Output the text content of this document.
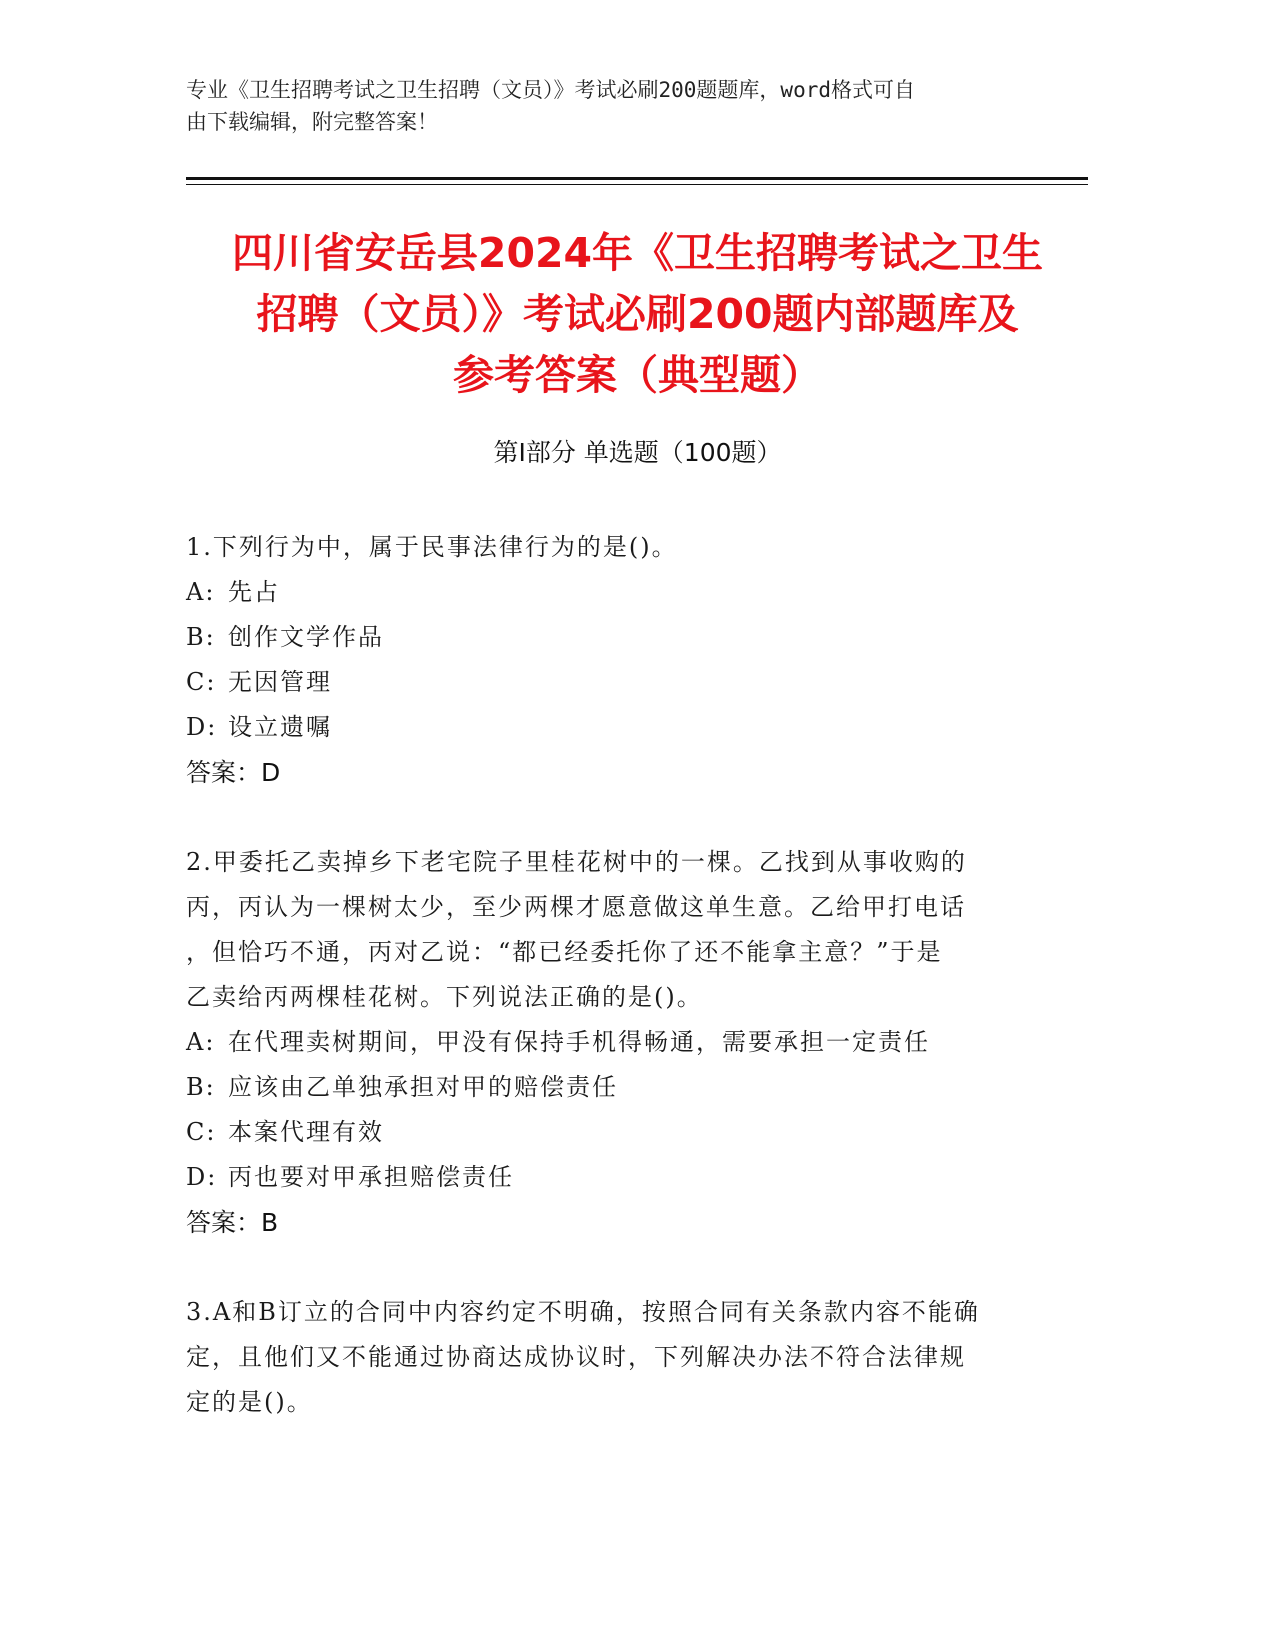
专业《卫生招聘考试之卫生招聘（文员）》考试必刷200题题库，word格式可自
由下载编辑，附完整答案！
四川省安岳县2024年《卫生招聘考试之卫生
招聘（文员）》考试必刷200题内部题库及
参考答案（典型题）
第Ⅰ部分 单选题（100题）
1.下列行为中，属于民事法律行为的是()。
A: 先占
B: 创作文学作品
C: 无因管理
D: 设立遗嘱
答案：D
2.甲委托乙卖掉乡下老宅院子里桂花树中的一棵。乙找到从事收购的
丙，丙认为一棵树太少，至少两棵才愿意做这单生意。乙给甲打电话
，但恰巧不通，丙对乙说：“都已经委托你了还不能拿主意？”于是
乙卖给丙两棵桂花树。下列说法正确的是()。
A: 在代理卖树期间，甲没有保持手机得畅通，需要承担一定责任
B: 应该由乙单独承担对甲的赔偿责任
C: 本案代理有效
D: 丙也要对甲承担赔偿责任
答案：B
3.A和B订立的合同中内容约定不明确，按照合同有关条款内容不能确
定，且他们又不能通过协商达成协议时，下列解决办法不符合法律规
定的是()。
